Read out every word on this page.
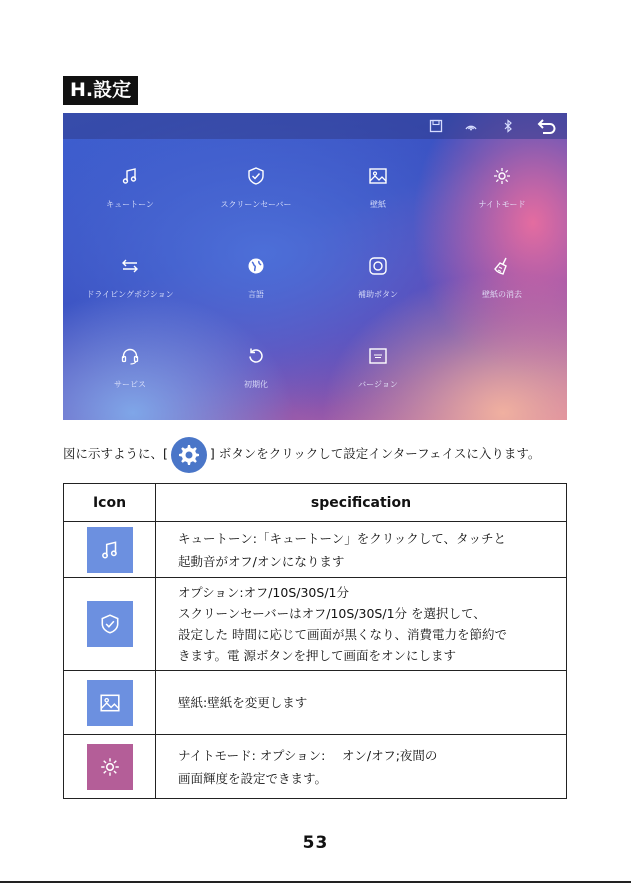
H.設定
キュートーン	スクリーンセーバー	壁紙	ナイトモード
ドライビングポジション	言語	補助ボタン	壁紙の消去
サービス	初期化	バージョン
図に示すように、[	] ボタンをクリックして設定インターフェイスに入ります。
Icon	specification

キュートーン:「キュートーン」をクリックして、タッチと
起動音がオフ/オンになります

オプション:オフ/10S/30S/1分
スクリーンセーバーはオフ/10S/30S/1分 を選択して、
設定した 時間に応じて画面が黒くなり、消費電力を節約で
きます。電 源ボタンを押して画面をオンにします

壁紙:壁紙を変更します

ナイトモード: オプション:　 オン/オフ;夜間の
画面輝度を設定できます。
53
